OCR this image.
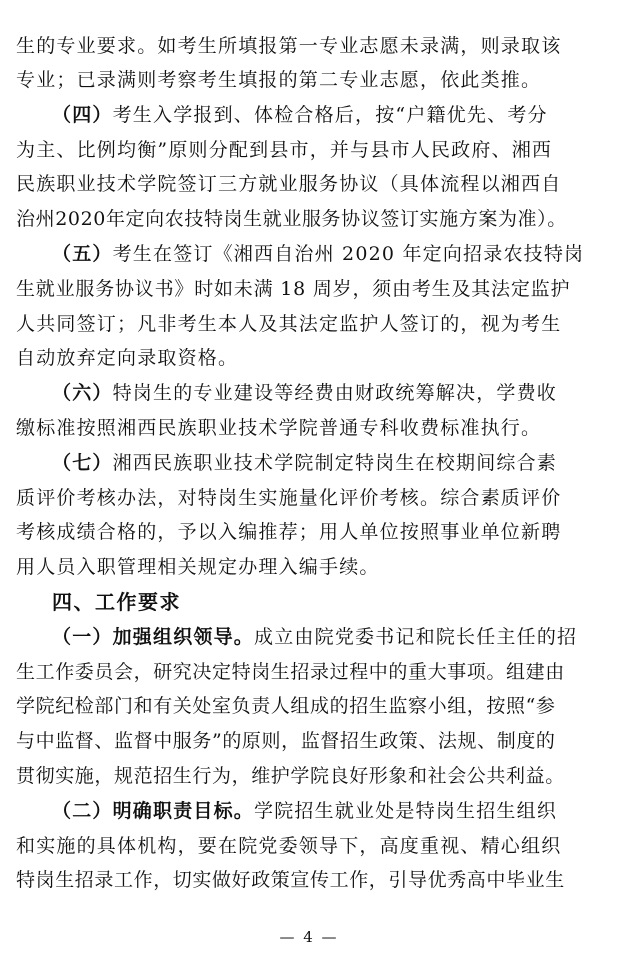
生的专业要求。如考生所填报第一专业志愿未录满，则录取该
专业；已录满则考察考生填报的第二专业志愿，依此类推。
（四）考生入学报到、体检合格后，按“户籍优先、考分
为主、比例均衡”原则分配到县市，并与县市人民政府、湘西
民族职业技术学院签订三方就业服务协议（具体流程以湘西自
治州2020年定向农技特岗生就业服务协议签订实施方案为准）。
（五）考生在签订《湘西自治州 2020 年定向招录农技特岗
生就业服务协议书》时如未满 18 周岁，须由考生及其法定监护
人共同签订；凡非考生本人及其法定监护人签订的，视为考生
自动放弃定向录取资格。
（六）特岗生的专业建设等经费由财政统筹解决，学费收
缴标准按照湘西民族职业技术学院普通专科收费标准执行。
（七）湘西民族职业技术学院制定特岗生在校期间综合素
质评价考核办法，对特岗生实施量化评价考核。综合素质评价
考核成绩合格的，予以入编推荐；用人单位按照事业单位新聘
用人员入职管理相关规定办理入编手续。
四、工作要求
（一）加强组织领导。成立由院党委书记和院长任主任的招
生工作委员会，研究决定特岗生招录过程中的重大事项。组建由
学院纪检部门和有关处室负责人组成的招生监察小组，按照“参
与中监督、监督中服务”的原则，监督招生政策、法规、制度的
贯彻实施，规范招生行为，维护学院良好形象和社会公共利益。
（二）明确职责目标。学院招生就业处是特岗生招生组织
和实施的具体机构，要在院党委领导下，高度重视、精心组织
特岗生招录工作，切实做好政策宣传工作，引导优秀高中毕业生
— 4 —
